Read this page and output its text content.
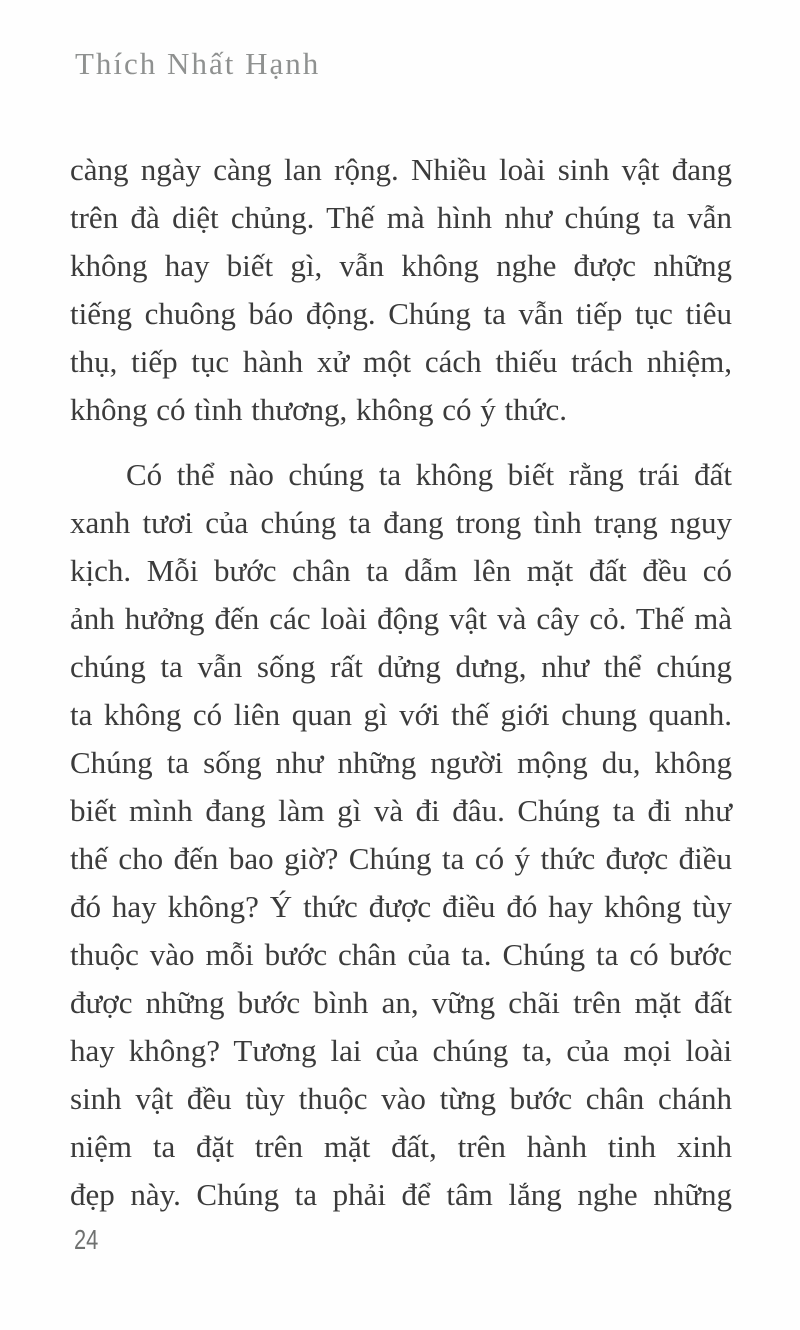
Thích Nhất Hạnh
càng ngày càng lan rộng. Nhiều loài sinh vật đang
trên đà diệt chủng. Thế mà hình như chúng ta vẫn
không hay biết gì, vẫn không nghe được những
tiếng chuông báo động. Chúng ta vẫn tiếp tục tiêu
thụ, tiếp tục hành xử một cách thiếu trách nhiệm,
không có tình thương, không có ý thức.
Có thể nào chúng ta không biết rằng trái đất
xanh tươi của chúng ta đang trong tình trạng nguy
kịch. Mỗi bước chân ta dẫm lên mặt đất đều có
ảnh hưởng đến các loài động vật và cây cỏ. Thế mà
chúng ta vẫn sống rất dửng dưng, như thể chúng
ta không có liên quan gì với thế giới chung quanh.
Chúng ta sống như những người mộng du, không
biết mình đang làm gì và đi đâu. Chúng ta đi như
thế cho đến bao giờ? Chúng ta có ý thức được điều
đó hay không? Ý thức được điều đó hay không tùy
thuộc vào mỗi bước chân của ta. Chúng ta có bước
được những bước bình an, vững chãi trên mặt đất
hay không? Tương lai của chúng ta, của mọi loài
sinh vật đều tùy thuộc vào từng bước chân chánh
niệm ta đặt trên mặt đất, trên hành tinh xinh
đẹp này. Chúng ta phải để tâm lắng nghe những
24
